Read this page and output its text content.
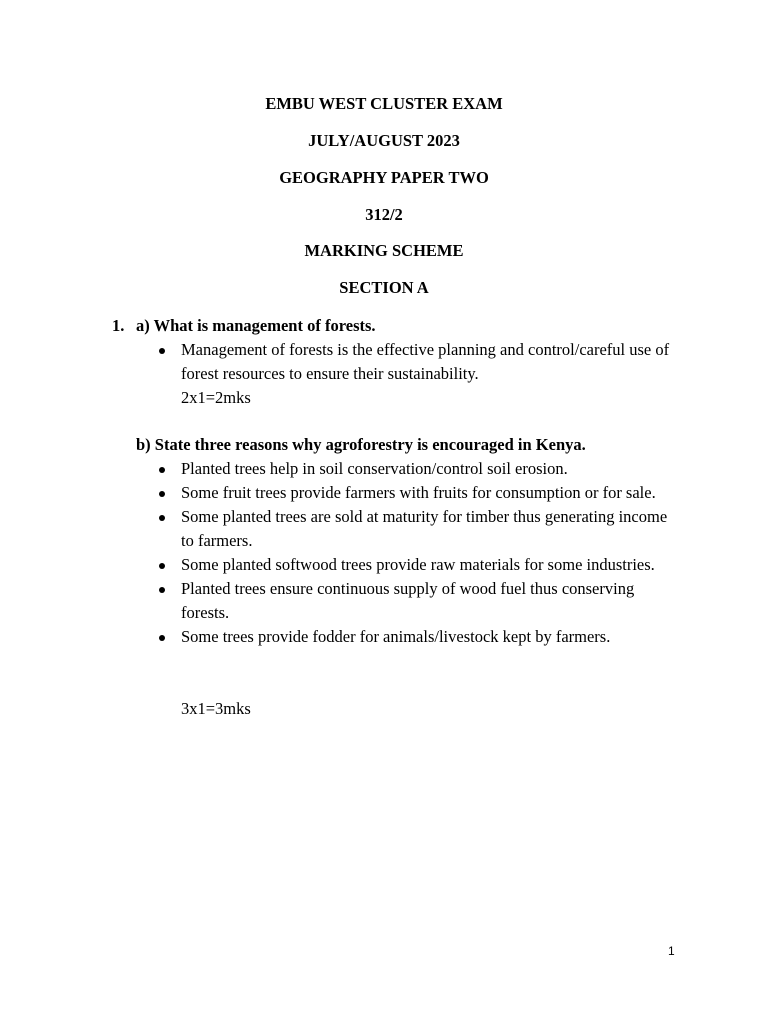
EMBU WEST CLUSTER EXAM
JULY/AUGUST 2023
GEOGRAPHY PAPER TWO
312/2
MARKING SCHEME
SECTION A
1. a) What is management of forests.
Management of forests is the effective planning and control/careful use of forest resources to ensure their sustainability.
2x1=2mks
b) State three reasons why agroforestry is encouraged in Kenya.
Planted trees help in soil conservation/control soil erosion.
Some fruit trees provide farmers with fruits for consumption or for sale.
Some planted trees are sold at maturity for timber thus generating income to farmers.
Some planted softwood trees provide raw materials for some industries.
Planted trees ensure continuous supply of wood fuel thus conserving forests.
Some trees provide fodder for animals/livestock kept by farmers.
3x1=3mks
1
